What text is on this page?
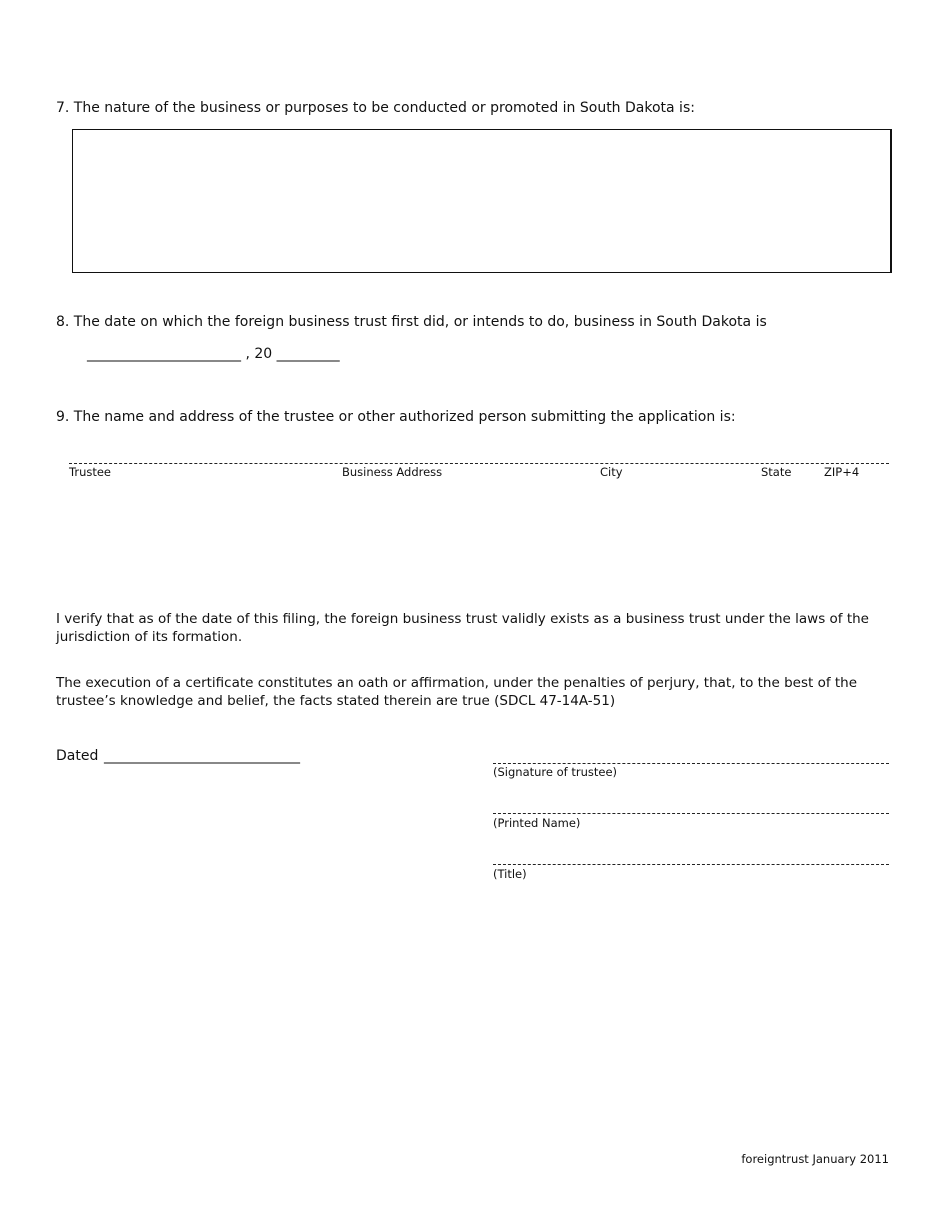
7. The nature of the business or purposes to be conducted or promoted in South Dakota is:
8. The date on which the foreign business trust first did, or intends to do, business in South Dakota is
______________________ , 20 _________
9. The name and address of the trustee or other authorized person submitting the application is:
Trustee	Business Address	City	State	ZIP+4
I verify that as of the date of this filing, the foreign business trust validly exists as a business trust under the laws of the jurisdiction of its formation.
The execution of a certificate constitutes an oath or affirmation, under the penalties of perjury, that, to the best of the trustee’s knowledge and belief, the facts stated therein are true (SDCL 47-14A-51)
Dated ____________________________
(Signature of trustee)
(Printed Name)
(Title)
foreigntrust January 2011
